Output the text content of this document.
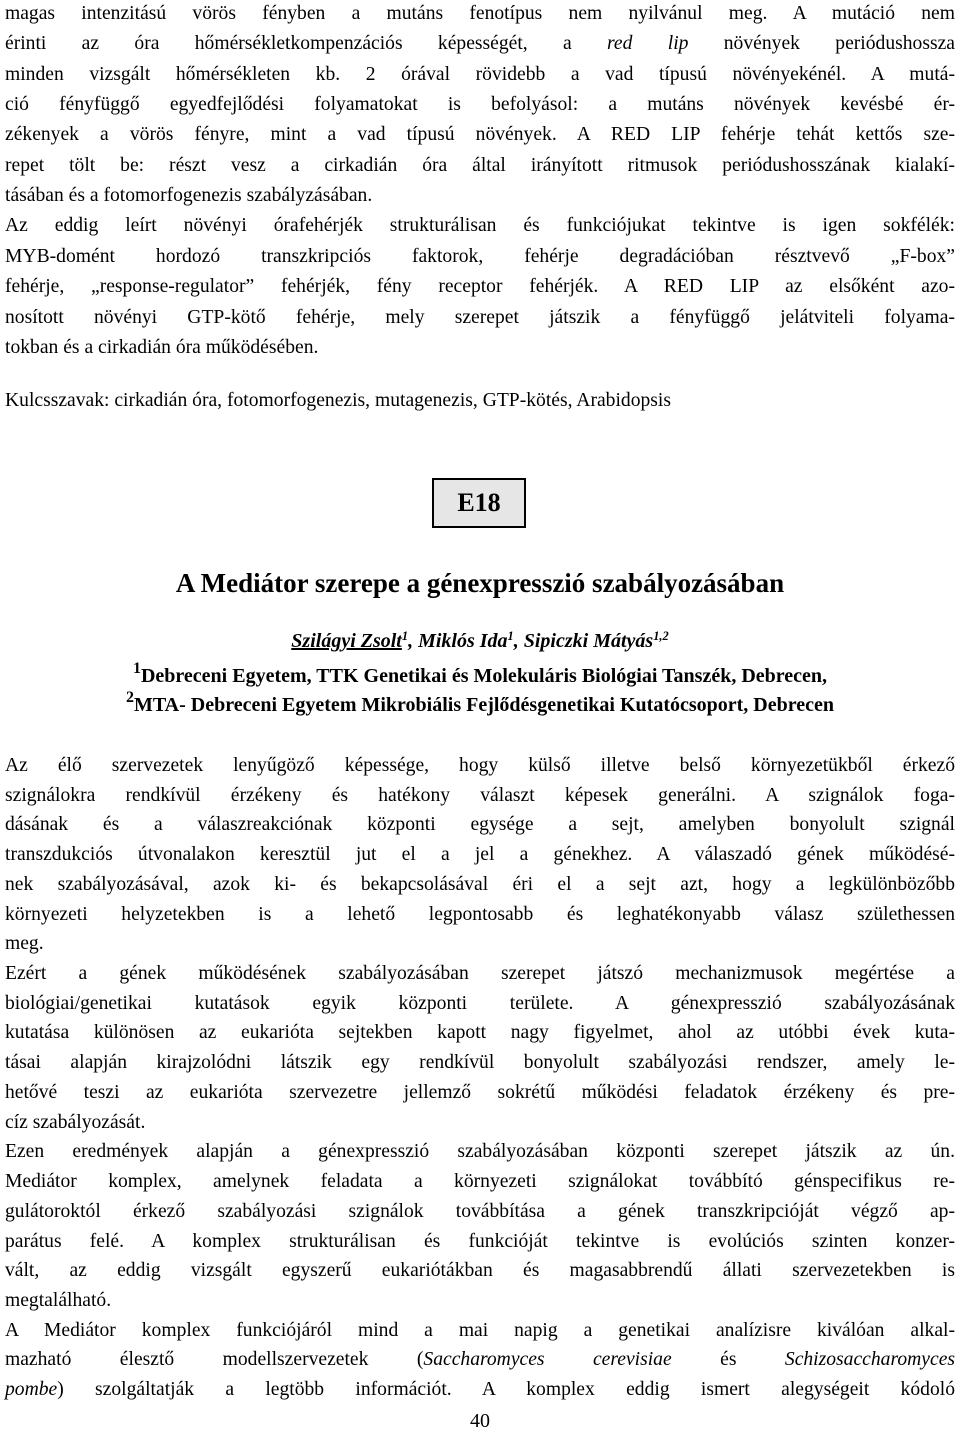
magas intenzitású vörös fényben a mutáns fenotípus nem nyilvánul meg. A mutáció nem

érinti az óra hőmérsékletkompenzációs képességét, a red lip növények periódushossza

minden vizsgált hőmérsékleten kb. 2 órával rövidebb a vad típusú növényekénél. A mutá-

ció fényfüggő egyedfejlődési folyamatokat is befolyásol: a mutáns növények kevésbé ér-

zékenyek a vörös fényre, mint a vad típusú növények. A RED LIP fehérje tehát kettős sze-

repet tölt be: részt vesz a cirkadián óra által irányított ritmusok periódushosszának kialakí-

tásában és a fotomorfogenezis szabályzásában.

Az eddig leírt növényi órafehérjék strukturálisan és funkciójukat tekintve is igen sokfélék:

MYB-domént hordozó transzkripciós faktorok, fehérje degradációban résztvevő „F-box”

fehérje, „response-regulator” fehérjék, fény receptor fehérjék. A RED LIP az elsőként azo-

nosított növényi GTP-kötő fehérje, mely szerepet játszik a fényfüggő jelátviteli folyama-

tokban és a cirkadián óra működésében.

Kulcsszavak: cirkadián óra, fotomorfogenezis, mutagenezis, GTP-kötés, Arabidopsis
E18
A Mediátor szerepe a génexpresszió szabályozásában
Szilágyi Zsolt$^1$, Miklós Ida$^1$, Sipiczki Mátyás$^{1,2}$
$^1$Debreceni Egyetem, TTK Genetikai és Molekuláris Biológiai Tanszék, Debrecen,
$^2$MTA- Debreceni Egyetem Mikrobiális Fejlődésgenetikai Kutatócsoport, Debrecen

Az élő szervezetek lenyűgöző képessége, hogy külső illetve belső környezetükből érkező

szignálokra rendkívül érzékeny és hatékony választ képesek generálni. A szignálok foga-

dásának és a válaszreakciónak központi egysége a sejt, amelyben bonyolult szignál

transzdukciós útvonalakon keresztül jut el a jel a génekhez. A válaszadó gének működésé-

nek szabályozásával, azok ki- és bekapcsolásával éri el a sejt azt, hogy a legkülönbözőbb

környezeti helyzetekben is a lehető legpontosabb és leghatékonyabb válasz születhessen

meg.

Ezért a gének működésének szabályozásában szerepet játszó mechanizmusok megértése a

biológiai/genetikai kutatások egyik központi területe. A génexpresszió szabályozásának

kutatása különösen az eukarióta sejtekben kapott nagy figyelmet, ahol az utóbbi évek kuta-

tásai alapján kirajzolódni látszik egy rendkívül bonyolult szabályozási rendszer, amely le-

hetővé teszi az eukarióta szervezetre jellemző sokrétű működési feladatok érzékeny és pre-

cíz szabályozását.

Ezen eredmények alapján a génexpresszió szabályozásában központi szerepet játszik az ún.

Mediátor komplex, amelynek feladata a környezeti szignálokat továbbító génspecifikus re-

gulátoroktól érkező szabályozási szignálok továbbítása a gének transzkripcióját végző ap-

parátus felé. A komplex strukturálisan és funkcióját tekintve is evolúciós szinten konzer-

vált, az eddig vizsgált egyszerű eukariótákban és magasabbrendű állati szervezetekben is

megtalálható.

A Mediátor komplex funkciójáról mind a mai napig a genetikai analízisre kiválóan alkal-

mazható élesztő modellszervezetek (Saccharomyces cerevisiae és Schizosaccharomyces

pombe) szolgáltatják a legtöbb információt. A komplex eddig ismert alegységeit kódoló

40
